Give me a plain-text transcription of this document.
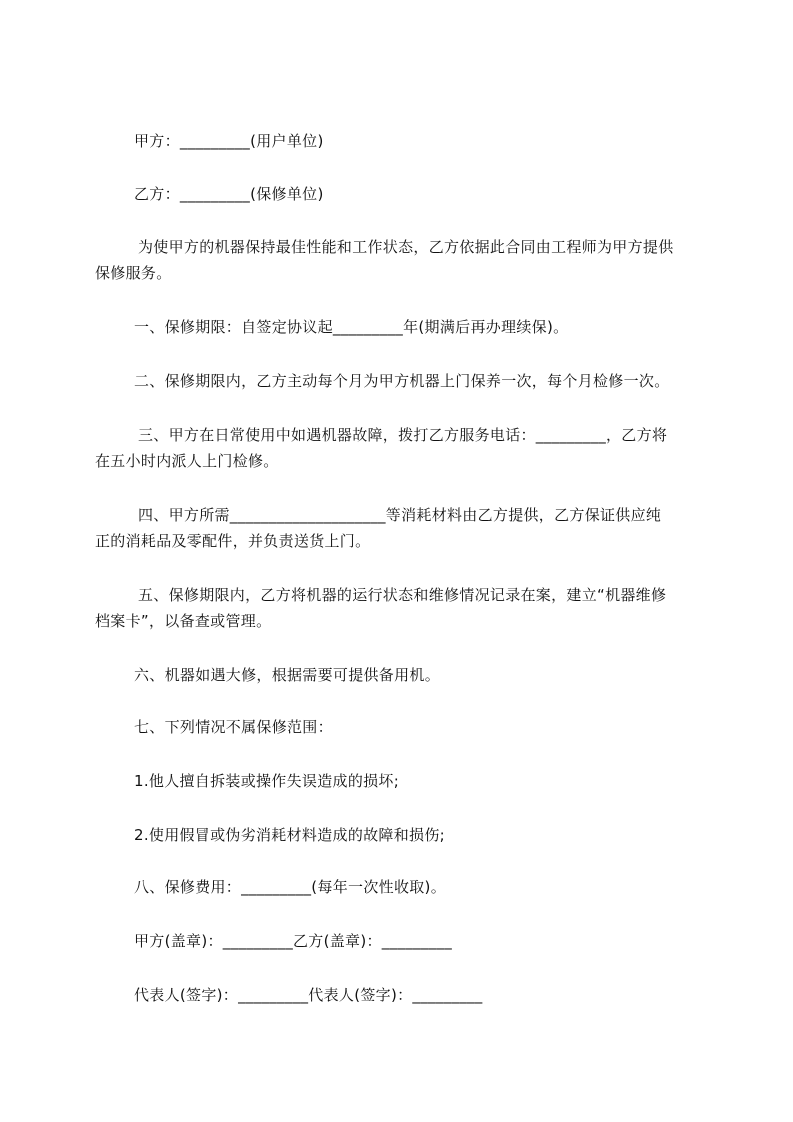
甲方：_________(用户单位)
乙方：_________(保修单位)
为使甲方的机器保持最佳性能和工作状态，乙方依据此合同由工程师为甲方提供
保修服务。
一、保修期限：自签定协议起_________年(期满后再办理续保)。
二、保修期限内，乙方主动每个月为甲方机器上门保养一次，每个月检修一次。
三、甲方在日常使用中如遇机器故障，拨打乙方服务电话：_________，乙方将
在五小时内派人上门检修。
四、甲方所需____________________等消耗材料由乙方提供，乙方保证供应纯
正的消耗品及零配件，并负责送货上门。
五、保修期限内，乙方将机器的运行状态和维修情况记录在案，建立“机器维修
档案卡”，以备查或管理。
六、机器如遇大修，根据需要可提供备用机。
七、下列情况不属保修范围：
1.他人擅自拆装或操作失误造成的损坏;
2.使用假冒或伪劣消耗材料造成的故障和损伤;
八、保修费用：_________(每年一次性收取)。
甲方(盖章)：_________乙方(盖章)：_________
代表人(签字)：_________代表人(签字)：_________
